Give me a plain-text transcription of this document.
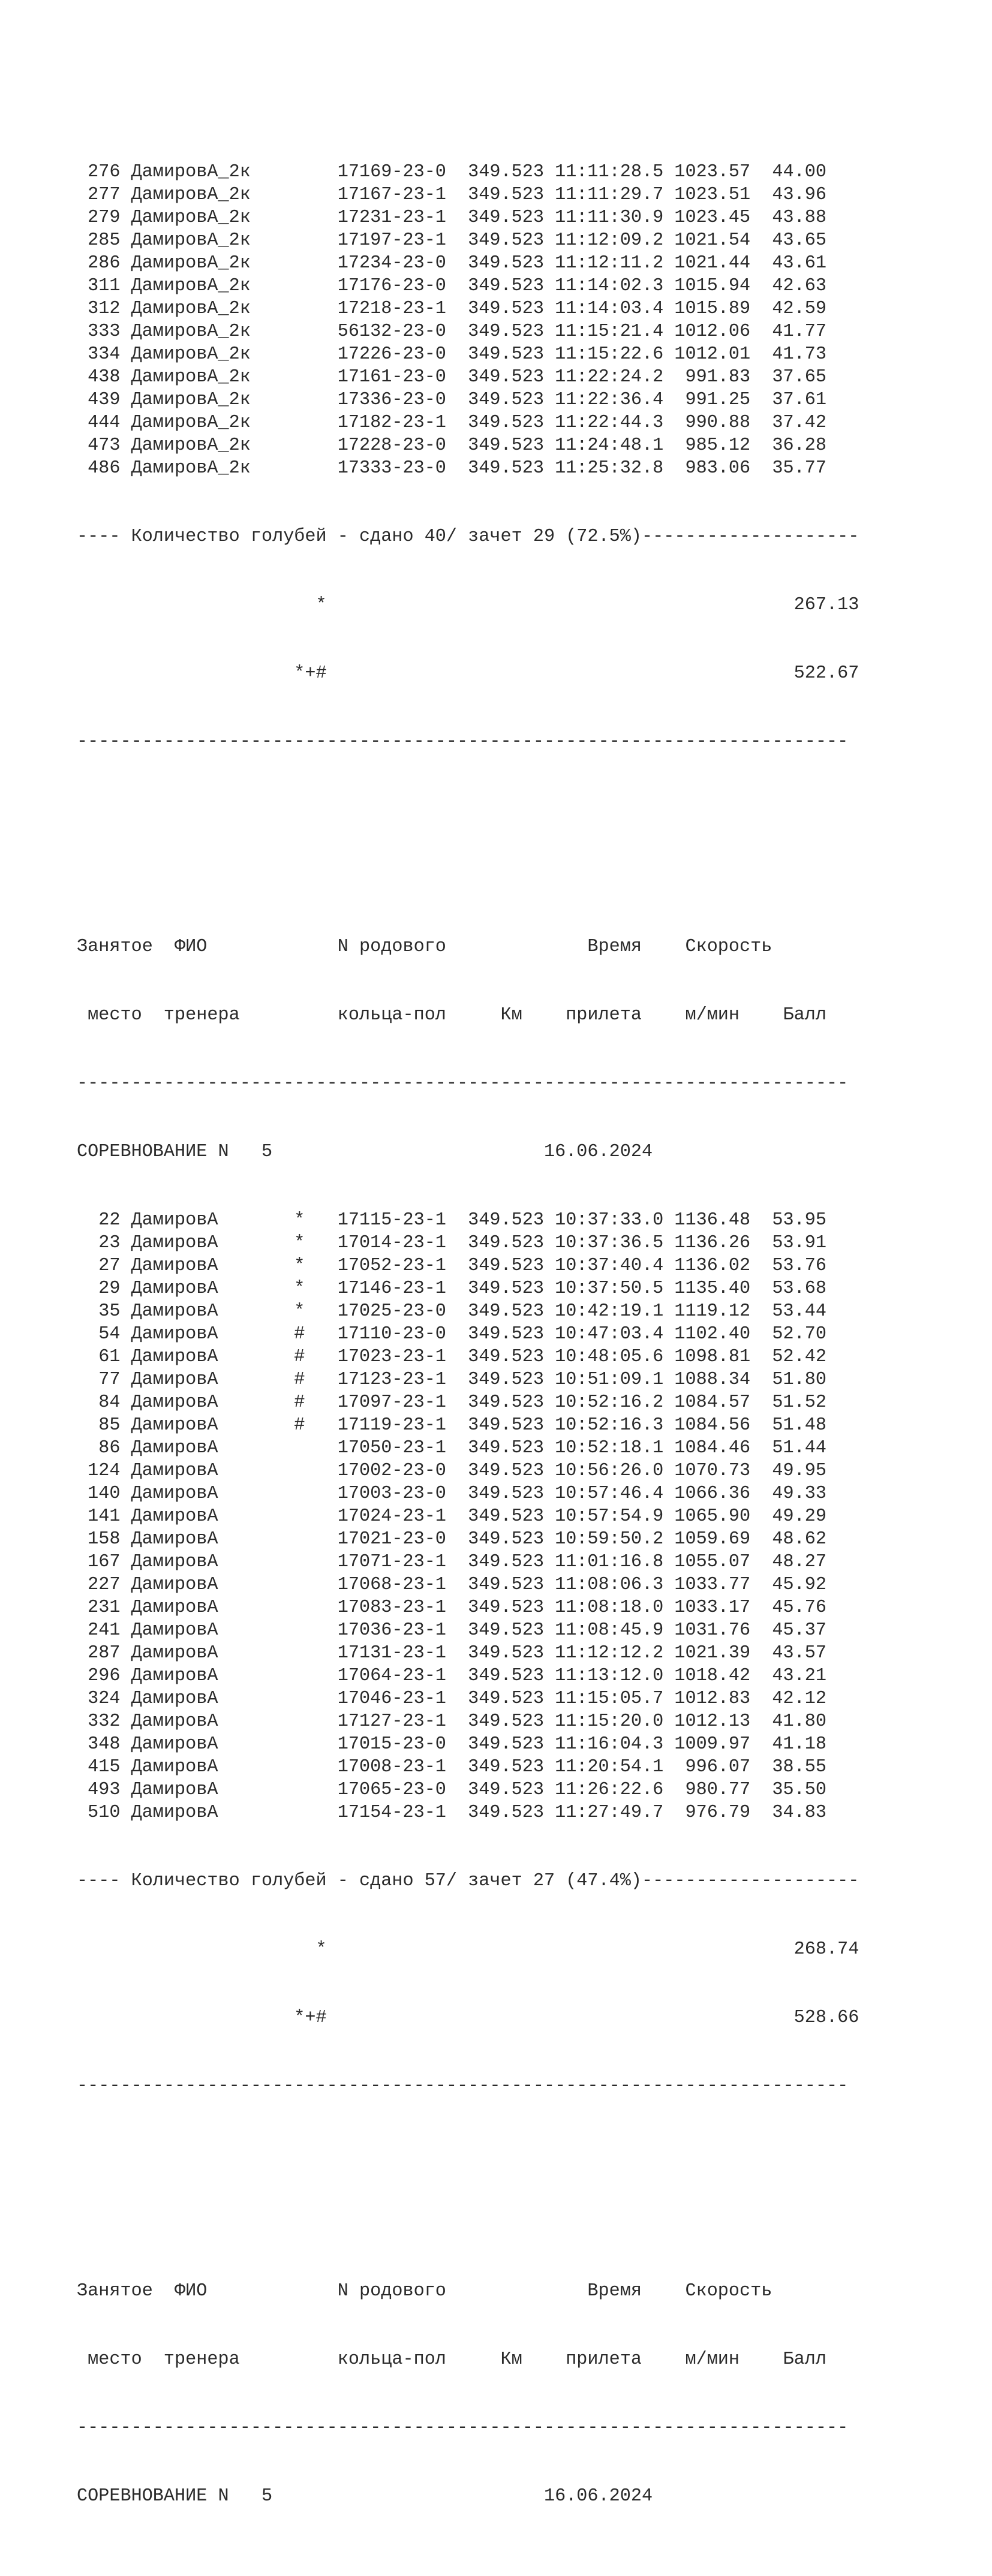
276 ДамировА_2к        17169-23-0  349.523 11:11:28.5 1023.57  44.00
277 ДамировА_2к        17167-23-1  349.523 11:11:29.7 1023.51  43.96
279 ДамировА_2к        17231-23-1  349.523 11:11:30.9 1023.45  43.88
285 ДамировА_2к        17197-23-1  349.523 11:12:09.2 1021.54  43.65
286 ДамировА_2к        17234-23-0  349.523 11:12:11.2 1021.44  43.61
311 ДамировА_2к        17176-23-0  349.523 11:14:02.3 1015.94  42.63
312 ДамировА_2к        17218-23-1  349.523 11:14:03.4 1015.89  42.59
333 ДамировА_2к        56132-23-0  349.523 11:15:21.4 1012.06  41.77
334 ДамировА_2к        17226-23-0  349.523 11:15:22.6 1012.01  41.73
438 ДамировА_2к        17161-23-0  349.523 11:22:24.2  991.83  37.65
439 ДамировА_2к        17336-23-0  349.523 11:22:36.4  991.25  37.61
444 ДамировА_2к        17182-23-1  349.523 11:22:44.3  990.88  37.42
473 ДамировА_2к        17228-23-0  349.523 11:24:48.1  985.12  36.28
486 ДамировА_2к        17333-23-0  349.523 11:25:32.8  983.06  35.77

---- Количество голубей - сдано 40/ зачет 29 (72.5%)--------------------

*                                           267.13

*+#                                           522.67

-----------------------------------------------------------------------

Занятое  ФИО            N родового             Время    Скорость

место  тренера         кольца-пол     Км    прилета    м/мин    Балл

-----------------------------------------------------------------------

СОРЕВНОВАНИЕ N   5                         16.06.2024

22 ДамировА       *   17115-23-1  349.523 10:37:33.0 1136.48  53.95
23 ДамировА       *   17014-23-1  349.523 10:37:36.5 1136.26  53.91
27 ДамировА       *   17052-23-1  349.523 10:37:40.4 1136.02  53.76
29 ДамировА       *   17146-23-1  349.523 10:37:50.5 1135.40  53.68
35 ДамировА       *   17025-23-0  349.523 10:42:19.1 1119.12  53.44
54 ДамировА       #   17110-23-0  349.523 10:47:03.4 1102.40  52.70
61 ДамировА       #   17023-23-1  349.523 10:48:05.6 1098.81  52.42
77 ДамировА       #   17123-23-1  349.523 10:51:09.1 1088.34  51.80
84 ДамировА       #   17097-23-1  349.523 10:52:16.2 1084.57  51.52
85 ДамировА       #   17119-23-1  349.523 10:52:16.3 1084.56  51.48
86 ДамировА           17050-23-1  349.523 10:52:18.1 1084.46  51.44
124 ДамировА           17002-23-0  349.523 10:56:26.0 1070.73  49.95
140 ДамировА           17003-23-0  349.523 10:57:46.4 1066.36  49.33
141 ДамировА           17024-23-1  349.523 10:57:54.9 1065.90  49.29
158 ДамировА           17021-23-0  349.523 10:59:50.2 1059.69  48.62
167 ДамировА           17071-23-1  349.523 11:01:16.8 1055.07  48.27
227 ДамировА           17068-23-1  349.523 11:08:06.3 1033.77  45.92
231 ДамировА           17083-23-1  349.523 11:08:18.0 1033.17  45.76
241 ДамировА           17036-23-1  349.523 11:08:45.9 1031.76  45.37
287 ДамировА           17131-23-1  349.523 11:12:12.2 1021.39  43.57
296 ДамировА           17064-23-1  349.523 11:13:12.0 1018.42  43.21
324 ДамировА           17046-23-1  349.523 11:15:05.7 1012.83  42.12
332 ДамировА           17127-23-1  349.523 11:15:20.0 1012.13  41.80
348 ДамировА           17015-23-0  349.523 11:16:04.3 1009.97  41.18
415 ДамировА           17008-23-1  349.523 11:20:54.1  996.07  38.55
493 ДамировА           17065-23-0  349.523 11:26:22.6  980.77  35.50
510 ДамировА           17154-23-1  349.523 11:27:49.7  976.79  34.83

---- Количество голубей - сдано 57/ зачет 27 (47.4%)--------------------

*                                           268.74

*+#                                           528.66

-----------------------------------------------------------------------

Занятое  ФИО            N родового             Время    Скорость

место  тренера         кольца-пол     Км    прилета    м/мин    Балл

-----------------------------------------------------------------------

СОРЕВНОВАНИЕ N   5                         16.06.2024
